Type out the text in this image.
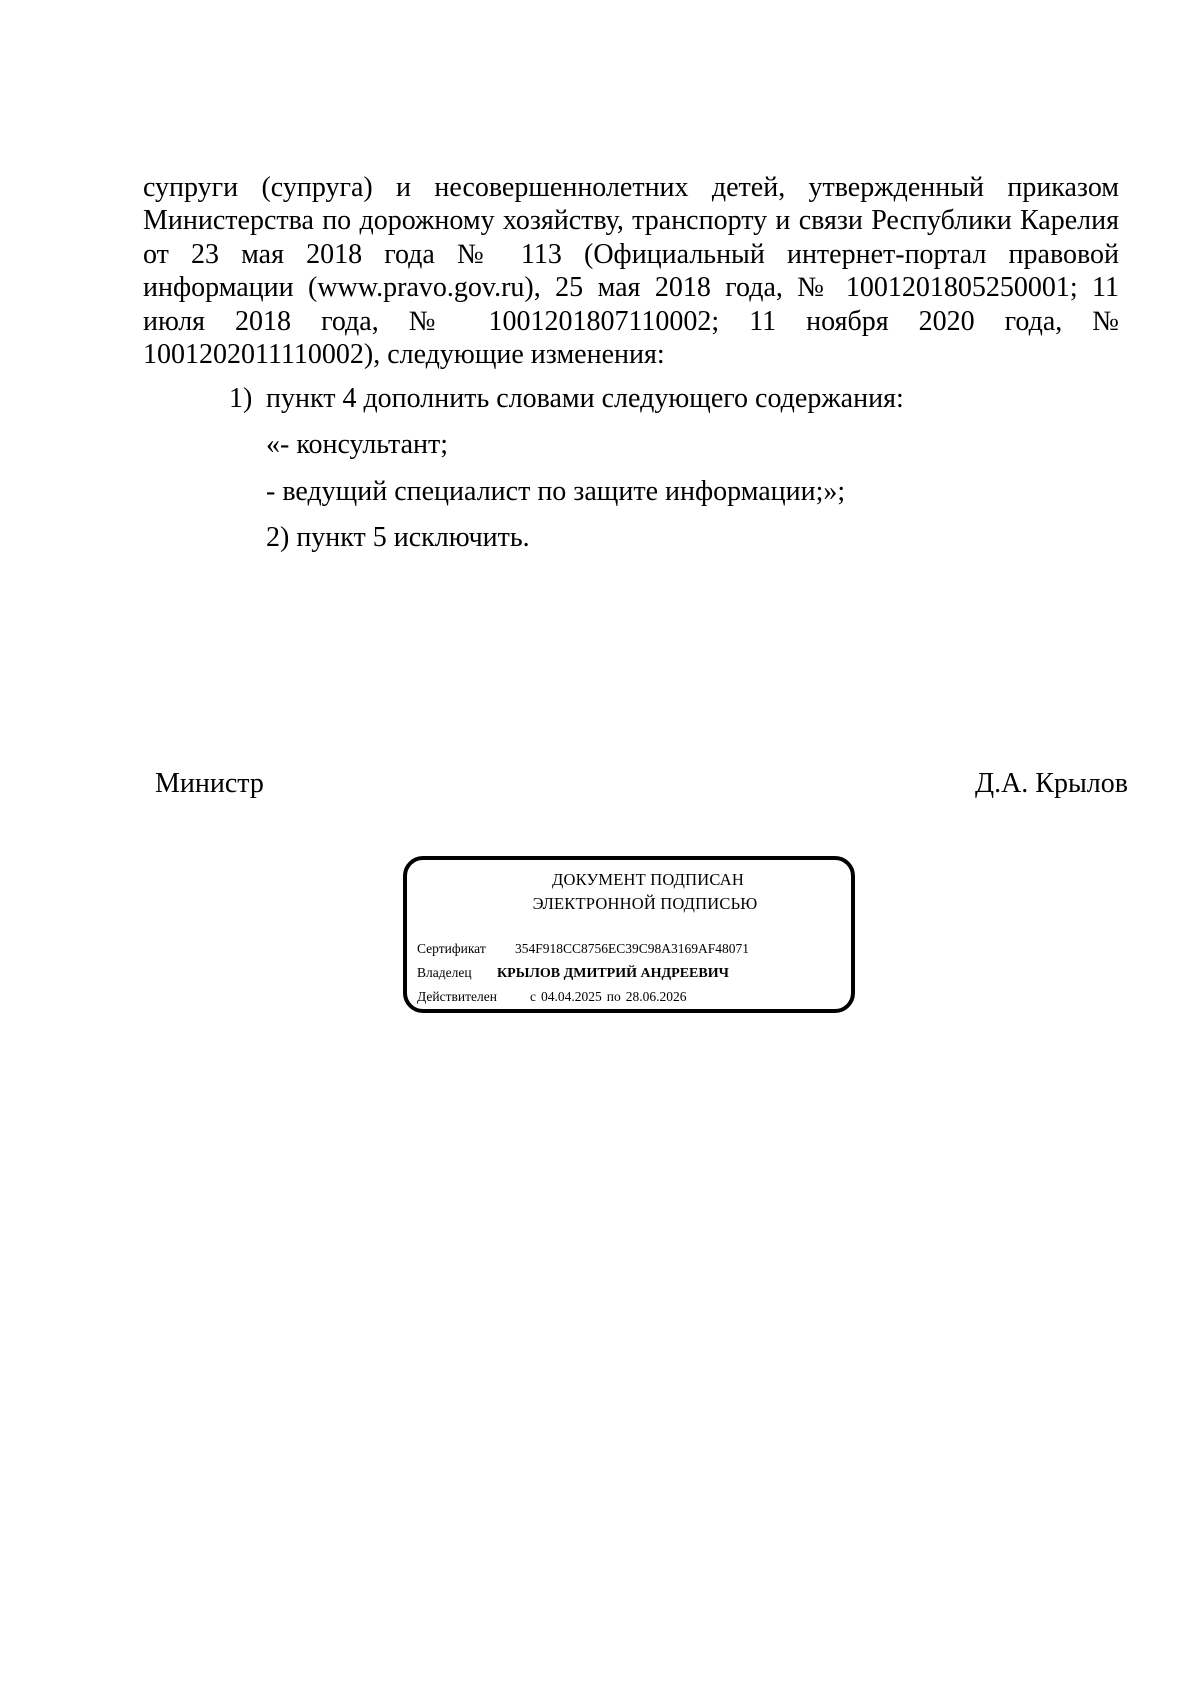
супруги (супруга) и несовершеннолетних детей, утвержденный приказом Министерства по дорожному хозяйству, транспорту и связи Республики Карелия от 23 мая 2018 года № 113 (Официальный интернет-портал правовой информации (www.pravo.gov.ru), 25 мая 2018 года, № 1001201805250001; 11 июля 2018 года, № 1001201807110002; 11 ноября 2020 года, № 1001202011110002), следующие изменения:

1) пункт 4 дополнить словами следующего содержания:

«- консультант;

- ведущий специалист по защите информации;»;

2) пункт 5 исключить.

Министр	Д.А. Крылов

ДОКУМЕНТ ПОДПИСАН
ЭЛЕКТРОННОЙ ПОДПИСЬЮ
Сертификат 354F918CC8756EC39C98A3169AF48071
Владелец КРЫЛОВ ДМИТРИЙ АНДРЕЕВИЧ
Действителен с 04.04.2025 по 28.06.2026
